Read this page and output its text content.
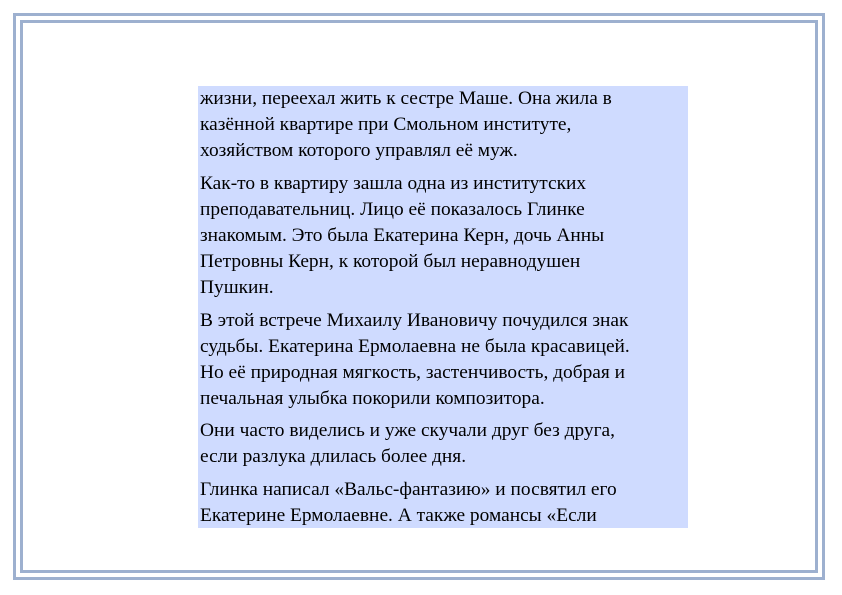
жизни, переехал жить к сестре Маше. Она жила в
казённой квартире при Смольном институте,
хозяйством которого управлял её муж.
Как-то в квартиру зашла одна из институтских
преподавательниц. Лицо её показалось Глинке
знакомым. Это была Екатерина Керн, дочь Анны
Петровны Керн, к которой был неравнодушен
Пушкин.
В этой встрече Михаилу Ивановичу почудился знак
судьбы. Екатерина Ермолаевна не была красавицей.
Но её природная мягкость, застенчивость, добрая и
печальная улыбка покорили композитора.
Они часто виделись и уже скучали друг без друга,
если разлука длилась более дня.
Глинка написал «Вальс-фантазию» и посвятил его
Екатерине Ермолаевне. А также романсы «Если
